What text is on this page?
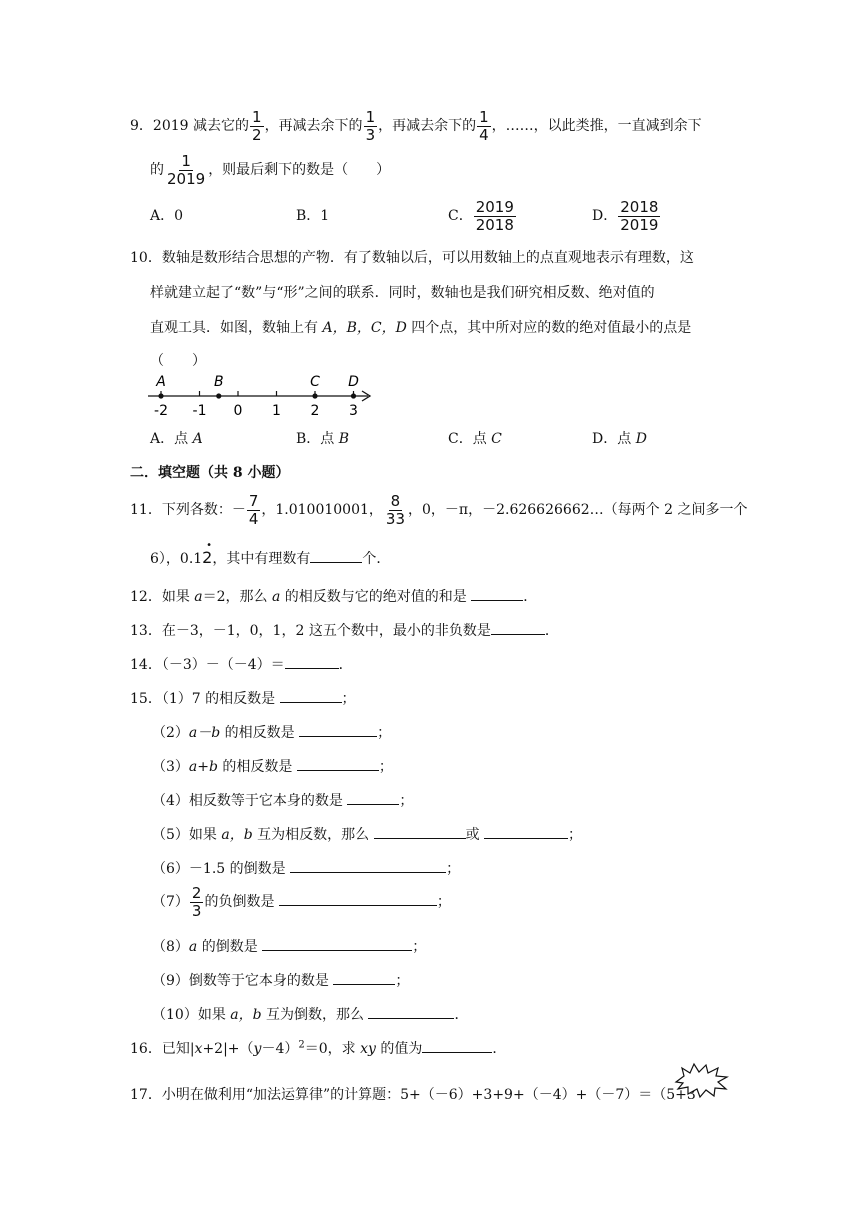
9．2019 减去它的 $\frac{1}{2}$ ，再减去余下的 $\frac{1}{3}$ ，再减去余下的 $\frac{1}{4}$ ，……，以此类推，一直减到余下
的 $\frac{1}{2019}$ ，则最后剩下的数是（　　）
A．0	B．1	C． $\frac{2019}{2018}$	D． $\frac{2018}{2019}$
10．数轴是数形结合思想的产物．有了数轴以后，可以用数轴上的点直观地表示有理数，这
样就建立起了“数”与“形”之间的联系．同时，数轴也是我们研究相反数、绝对值的
直观工具．如图，数轴上有 A，B，C，D 四个点，其中所对应的数的绝对值最小的点是
（　　）
-2 -1 0 1 2 3
A	B	C D
A．点 A	B．点 B	C．点 C	D．点 D
二．填空题（共 8 小题）
11．下列各数：－ $\frac{7}{4}$ ，1.010010001， $\frac{8}{33}$ ，0，－π，－2.626626662…（每两个 2 之间多一个
6），0.1
•
2，其中有理数有	个．
12．如果 a＝2，那么 a 的相反数与它的绝对值的和是	．
13．在－3，－1，0，1，2 这五个数中，最小的非负数是	．
14．（－3）－（－4）＝	．
15．（1）7 的相反数是	；
（2）a－b 的相反数是	；
（3）a+b 的相反数是	；
（4）相反数等于它本身的数是	；
（5）如果 a，b 互为相反数，那么	或	；
（6）－1.5 的倒数是	；
$(7) \frac{2}{3}$ 的负倒数是	；
（8）a 的倒数是	；
（9）倒数等于它本身的数是	；
（10）如果 a，b 互为倒数，那么	．
16．已知$|x+2|+(y-4)^2=0$，求 xy 的值为	．
17．小明在做利用“加法运算律”的计算题：5+（－6）+3+9+（－4）+（－7）＝（5+3
